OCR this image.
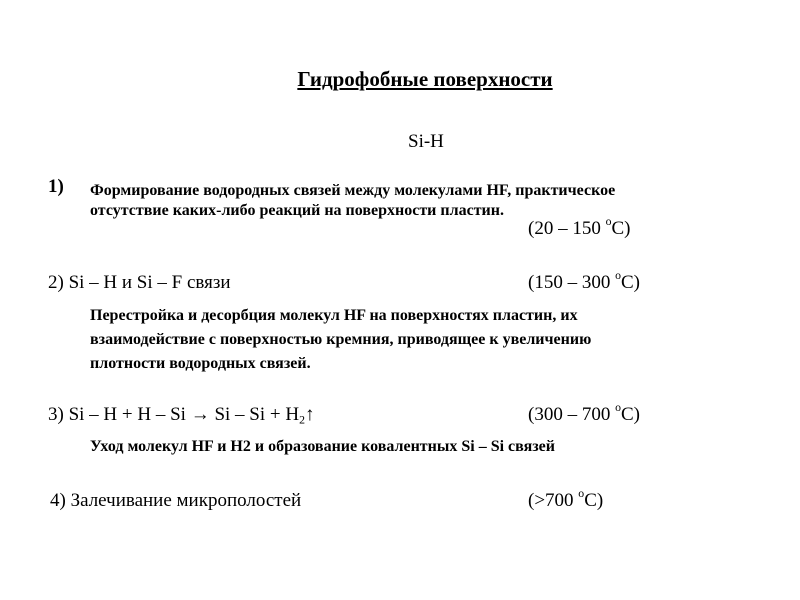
Гидрофобные поверхности
Si-H
1) Формирование водородных связей между молекулами HF, практическое
отсутствие каких-либо реакций на поверхности пластин.
(20 – 150 $^o$C)
2) Si – H и Si – F связи	(150 – 300 $^o$C)
Перестройка и десорбция молекул HF на поверхностях пластин, их
взаимодействие с поверхностью кремния, приводящее к увеличению
плотности водородных связей.
3) $Si - H + H - Si \to Si - Si + H_2↑$	(300 – 700 $^o$C)
Уход молекул HF и H2 и образование ковалентных Si – Si связей
4) Залечивание микрополостей	(>700 $^o$C)
